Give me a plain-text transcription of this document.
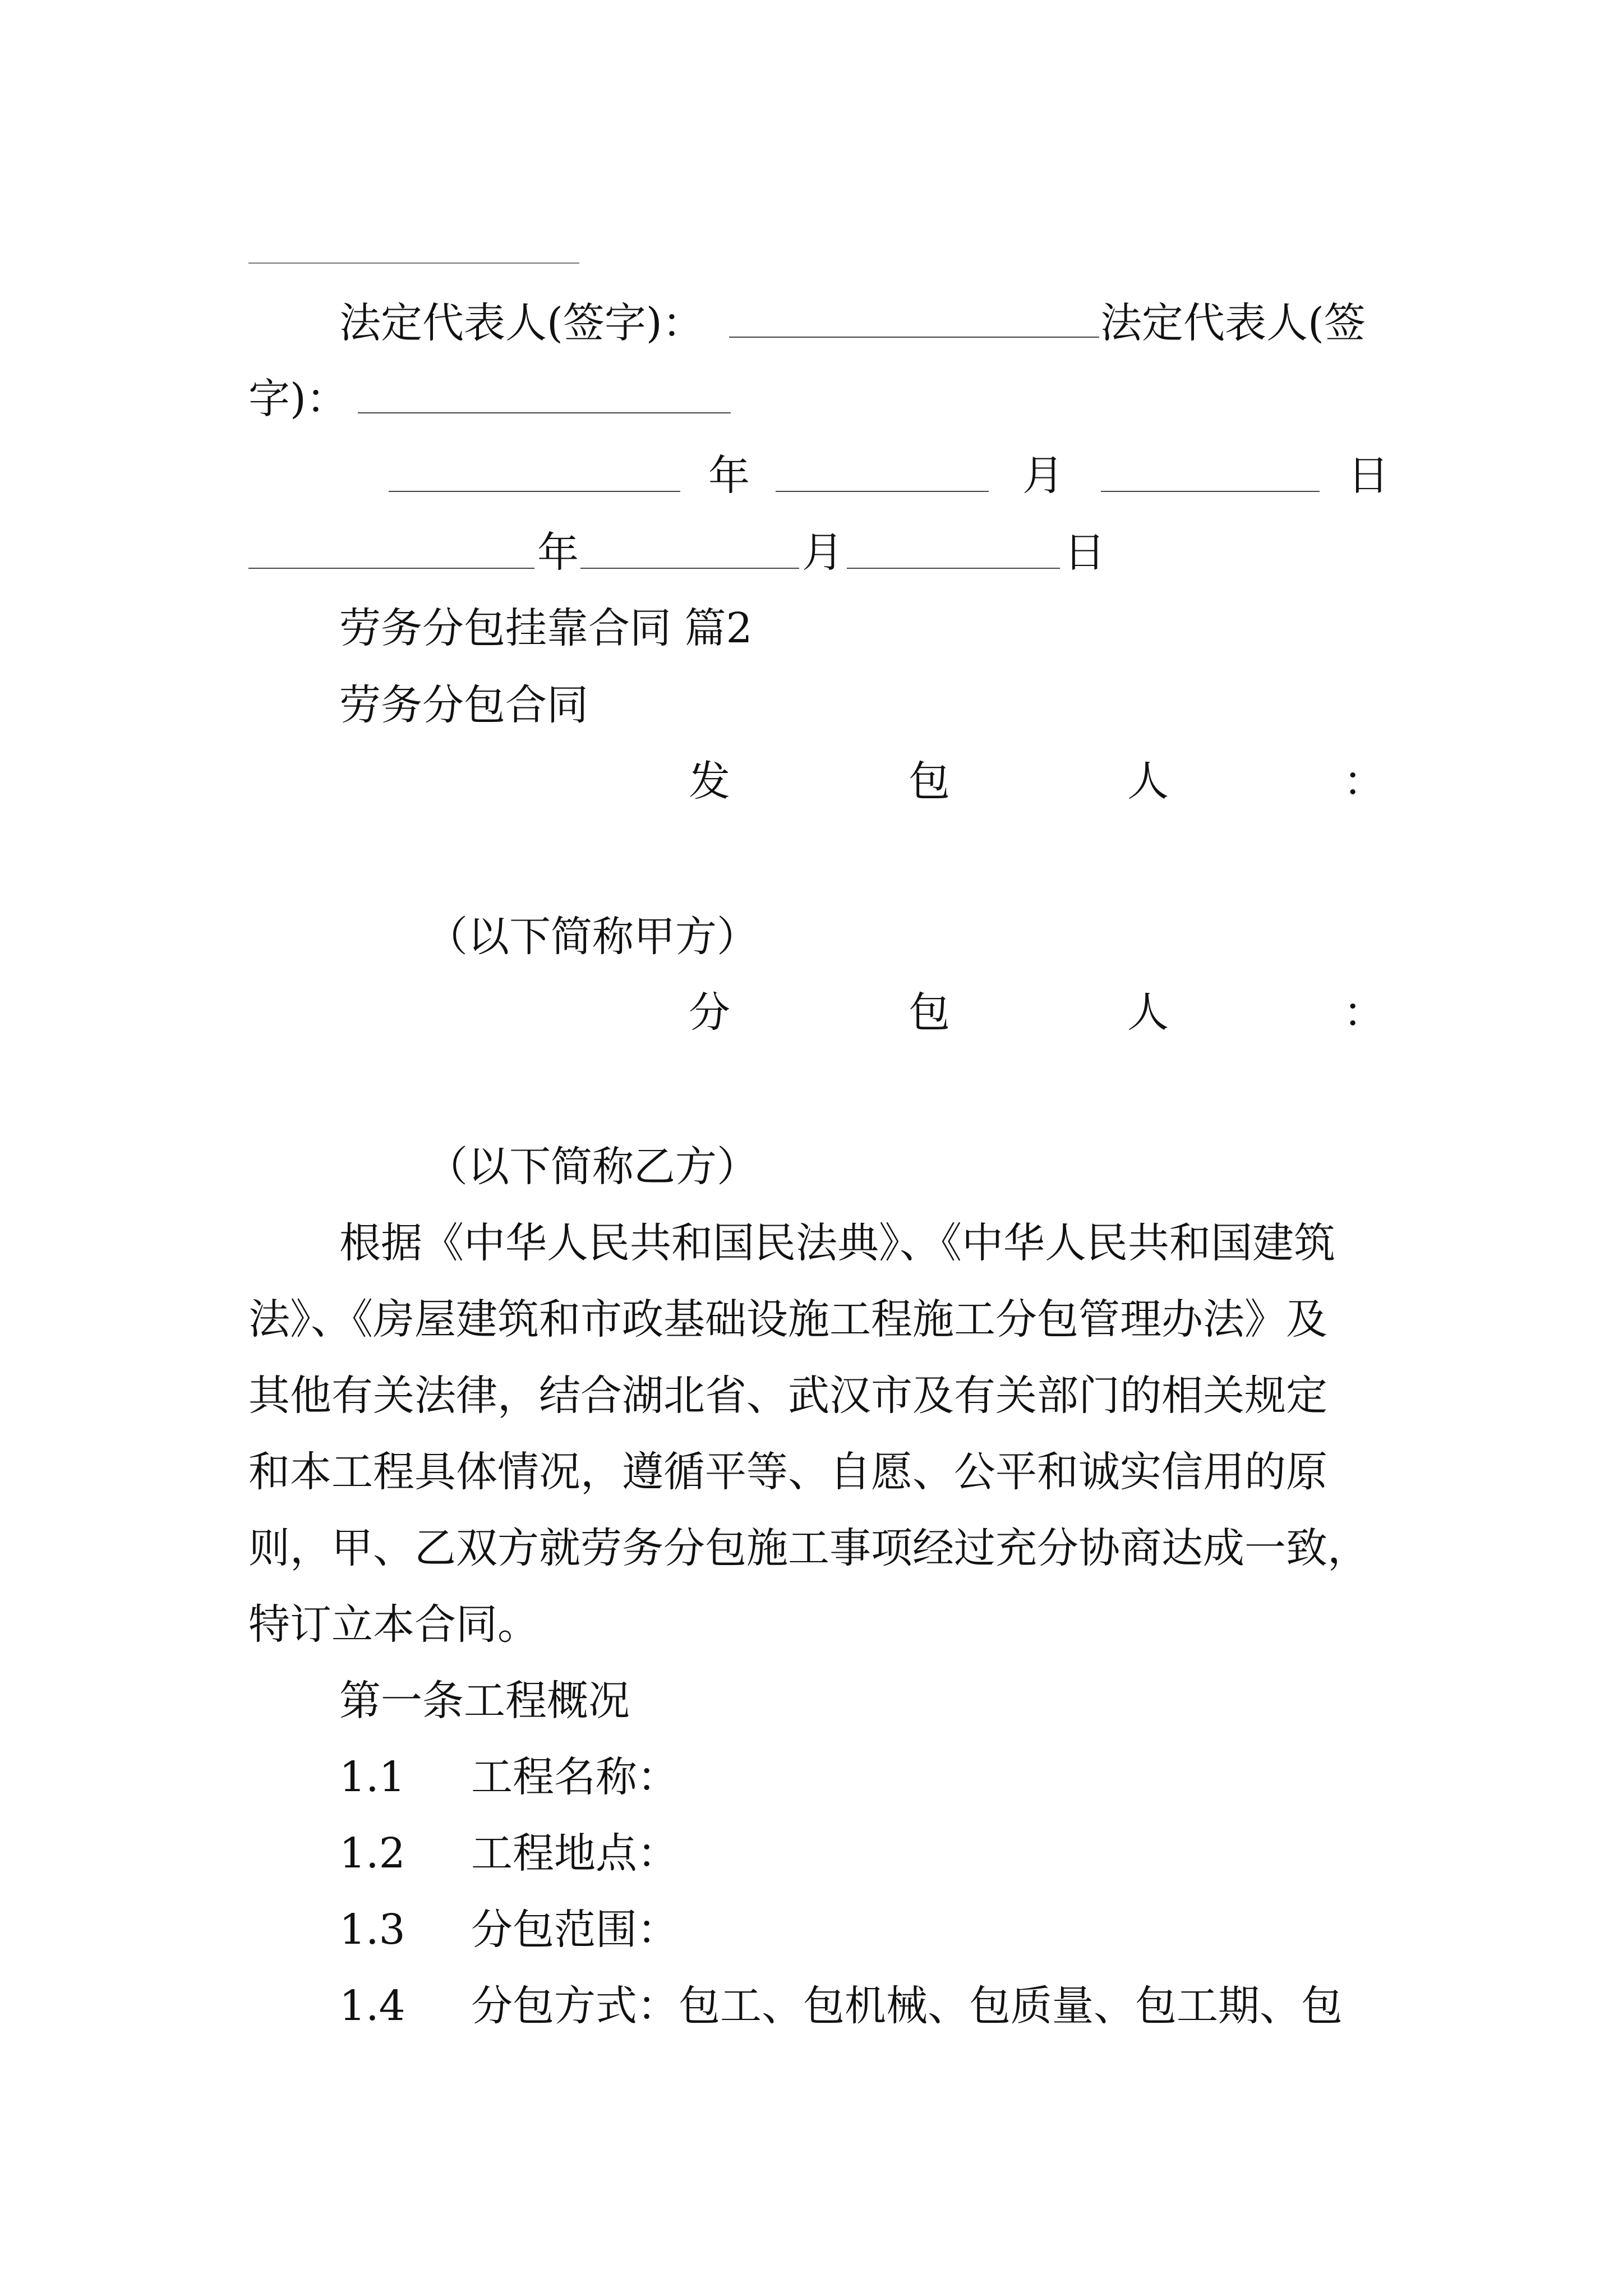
法定代表人(签字)：	法定代表人(签
字)：
年	月	日
年	月	日
劳务分包挂靠合同 篇2
劳务分包合同
发	包	人	：
（以下简称甲方）
分	包	人	：
（以下简称乙方）
根据《中华人民共和国民法典》、《中华人民共和国建筑
法》、《房屋建筑和市政基础设施工程施工分包管理办法》及
其他有关法律，结合湖北省、武汉市及有关部门的相关规定
和本工程具体情况，遵循平等、自愿、公平和诚实信用的原
则，甲、乙双方就劳务分包施工事项经过充分协商达成一致，
特订立本合同。
第一条工程概况
1.1 工程名称：
1.2 工程地点：
1.3 分包范围：
1.4 分包方式：包工、包机械、包质量、包工期、包
